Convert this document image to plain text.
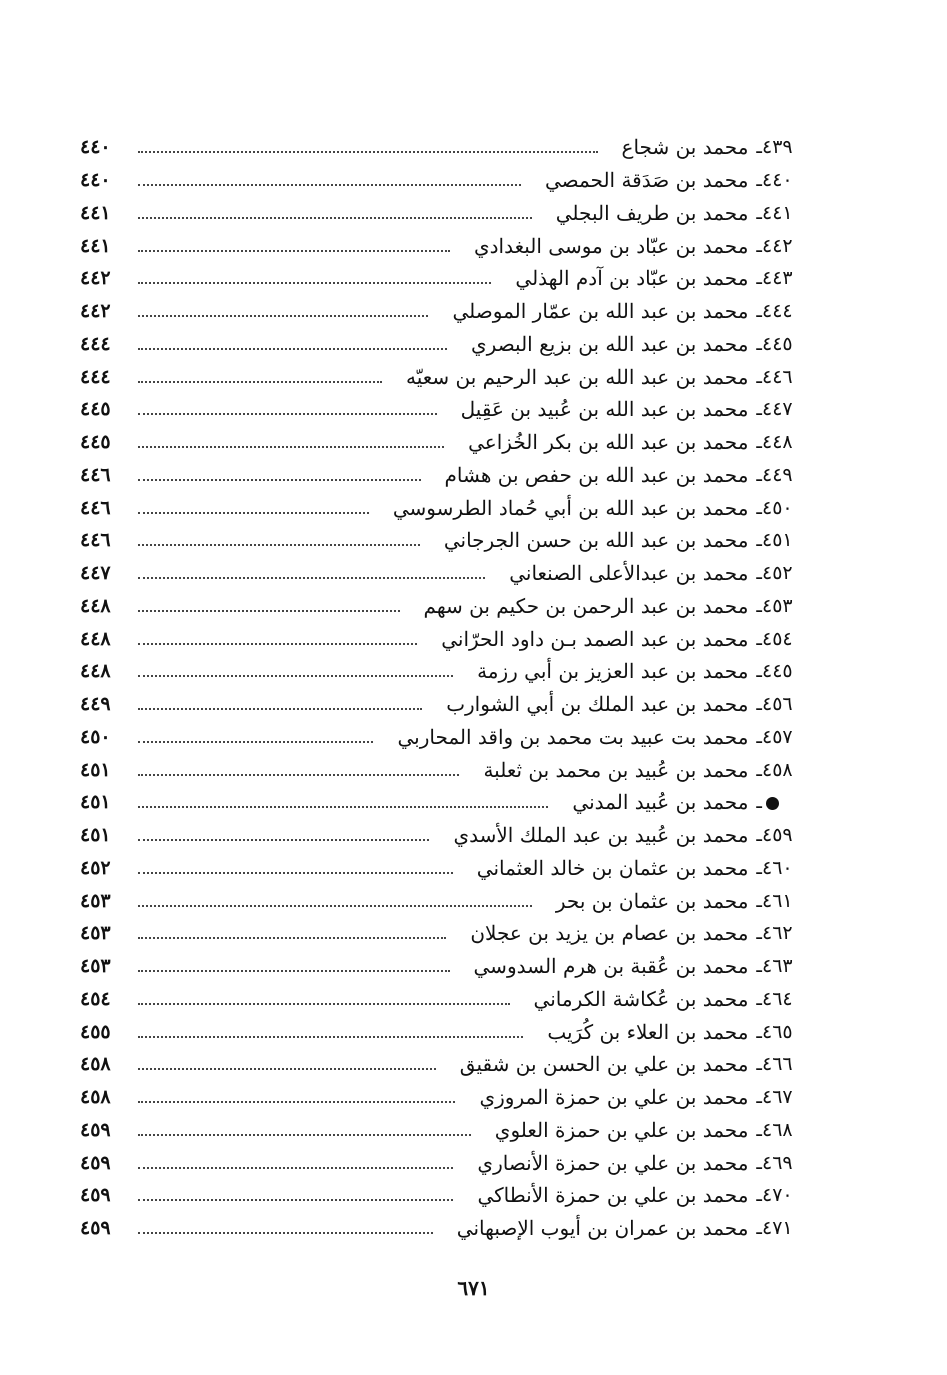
٤٣٩
ـ
محمد بن شجاع
٤٤٠
٤٤٠
ـ
محمد بن صَدَقة الحمصي
٤٤٠
٤٤١
ـ
محمد بن طريف البجلي
٤٤١
٤٤٢
ـ
محمد بن عبّاد بن موسى البغدادي
٤٤١
٤٤٣
ـ
محمد بن عبّاد بن آدم الهذلي
٤٤٢
٤٤٤
ـ
محمد بن عبد الله بن عمّار الموصلي
٤٤٢
٤٤٥
ـ
محمد بن عبد الله بن بزيع البصري
٤٤٤
٤٤٦
ـ
محمد بن عبد الله بن عبد الرحيم بن سعيّه
٤٤٤
٤٤٧
ـ
محمد بن عبد الله بن عُبيد بن عَقِيل
٤٤٥
٤٤٨
ـ
محمد بن عبد الله بن بكر الخُزاعي
٤٤٥
٤٤٩
ـ
محمد بن عبد الله بن حفص بن هشام
٤٤٦
٤٥٠
ـ
محمد بن عبد الله بن أبي حُماد الطرسوسي
٤٤٦
٤٥١
ـ
محمد بن عبد الله بن حسن الجرجاني
٤٤٦
٤٥٢
ـ
محمد بن عبدالأعلى الصنعاني
٤٤٧
٤٥٣
ـ
محمد بن عبد الرحمن بن حكيم بن سهم
٤٤٨
٤٥٤
ـ
محمد بن عبد الصمد بـن داود الحرّاني
٤٤٨
٤٤٥
ـ
محمد بن عبد العزيز بن أبي رزمة
٤٤٨
٤٥٦
ـ
محمد بن عبد الملك بن أبي الشوارب
٤٤٩
٤٥٧
ـ
محمد بت عبيد بت محمد بن واقد المحاربي
٤٥٠
٤٥٨
ـ
محمد بن عُبيد بن محمد بن ثعلبة
٤٥١
ـ
محمد بن عُبيد المدني
٤٥١
٤٥٩
ـ
محمد بن عُبيد بن عبد الملك الأسدي
٤٥١
٤٦٠
ـ
محمد بن عثمان بن خالد العثماني
٤٥٢
٤٦١
ـ
محمد بن عثمان بن بحر
٤٥٣
٤٦٢
ـ
محمد بن عصام بن يزيد بن عجلان
٤٥٣
٤٦٣
ـ
محمد بن عُقبة بن هرم السدوسي
٤٥٣
٤٦٤
ـ
محمد بن عُكاشة الكرماني
٤٥٤
٤٦٥
ـ
محمد بن العلاء بن كُرَيب
٤٥٥
٤٦٦
ـ
محمد بن علي بن الحسن بن شقيق
٤٥٨
٤٦٧
ـ
محمد بن علي بن حمزة المروزي
٤٥٨
٤٦٨
ـ
محمد بن علي بن حمزة العلوي
٤٥٩
٤٦٩
ـ
محمد بن علي بن حمزة الأنصاري
٤٥٩
٤٧٠
ـ
محمد بن علي بن حمزة الأنطاكي
٤٥٩
٤٧١
ـ
محمد بن عمران بن أيوب الإصبهاني
٤٥٩
٦٧١
